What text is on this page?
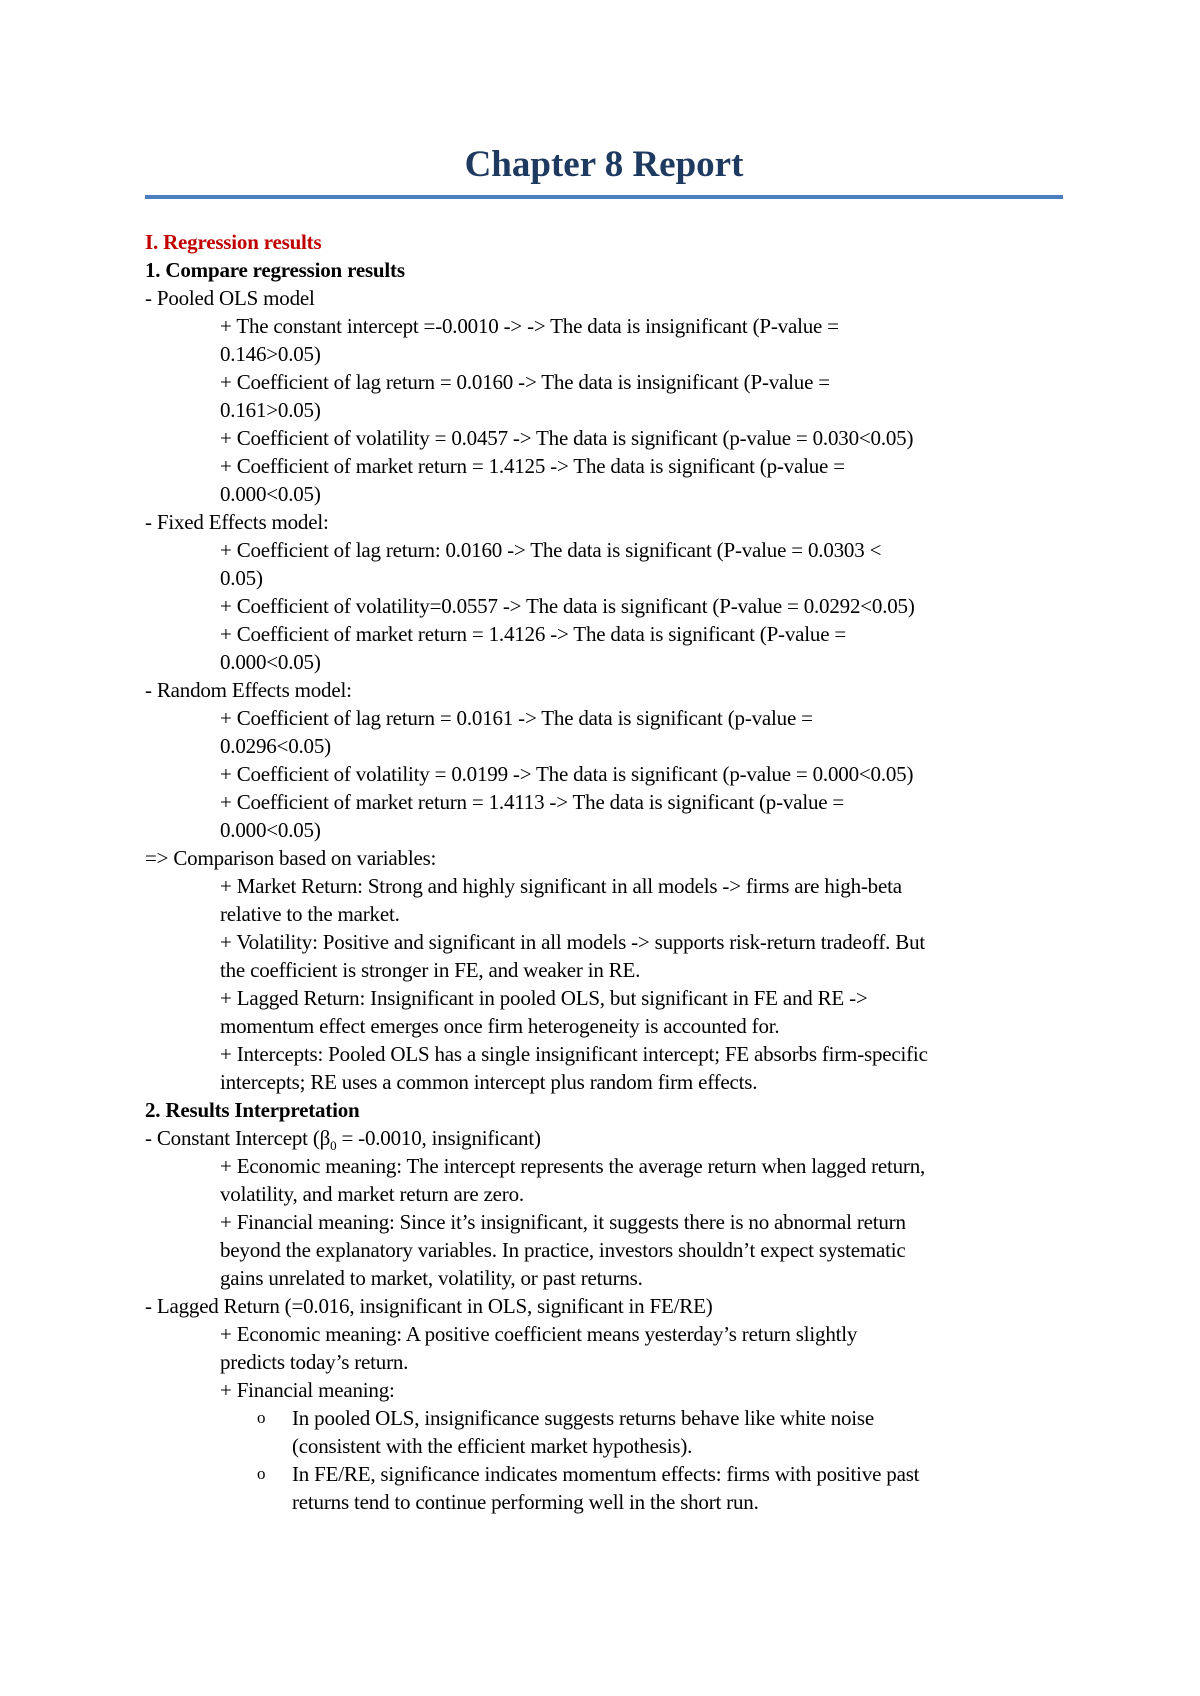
Chapter 8 Report

I. Regression results

1. Compare regression results

- Pooled OLS model

+ The constant intercept =-0.0010 -> -> The data is insignificant (P-value =

0.146>0.05)

+ Coefficient of lag return = 0.0160 -> The data is insignificant (P-value =

0.161>0.05)

+ Coefficient of volatility = 0.0457 -> The data is significant (p-value = 0.030<0.05)

+ Coefficient of market return = 1.4125 -> The data is significant (p-value =

0.000<0.05)

- Fixed Effects model:

+ Coefficient of lag return: 0.0160 -> The data is significant (P-value = 0.0303 <

0.05)

+ Coefficient of volatility=0.0557 -> The data is significant (P-value = 0.0292<0.05)

+ Coefficient of market return = 1.4126 -> The data is significant (P-value =

0.000<0.05)

- Random Effects model:

+ Coefficient of lag return = 0.0161 -> The data is significant (p-value =

0.0296<0.05)

+ Coefficient of volatility = 0.0199 -> The data is significant (p-value = 0.000<0.05)

+ Coefficient of market return = 1.4113 -> The data is significant (p-value =

0.000<0.05)

=> Comparison based on variables:

+ Market Return: Strong and highly significant in all models -> firms are high-beta

relative to the market.

+ Volatility: Positive and significant in all models -> supports risk-return tradeoff. But

the coefficient is stronger in FE, and weaker in RE.

+ Lagged Return: Insignificant in pooled OLS, but significant in FE and RE ->

momentum effect emerges once firm heterogeneity is accounted for.

+ Intercepts: Pooled OLS has a single insignificant intercept; FE absorbs firm-specific

intercepts; RE uses a common intercept plus random firm effects.

2. Results Interpretation

- Constant Intercept ($\beta_0 = -0.0010$, insignificant)

+ Economic meaning: The intercept represents the average return when lagged return,

volatility, and market return are zero.

+ Financial meaning: Since it’s insignificant, it suggests there is no abnormal return

beyond the explanatory variables. In practice, investors shouldn’t expect systematic

gains unrelated to market, volatility, or past returns.

- Lagged Return (=0.016, insignificant in OLS, significant in FE/RE)

+ Economic meaning: A positive coefficient means yesterday’s return slightly

predicts today’s return.

+ Financial meaning:

o In pooled OLS, insignificance suggests returns behave like white noise

(consistent with the efficient market hypothesis).

o In FE/RE, significance indicates momentum effects: firms with positive past

returns tend to continue performing well in the short run.
